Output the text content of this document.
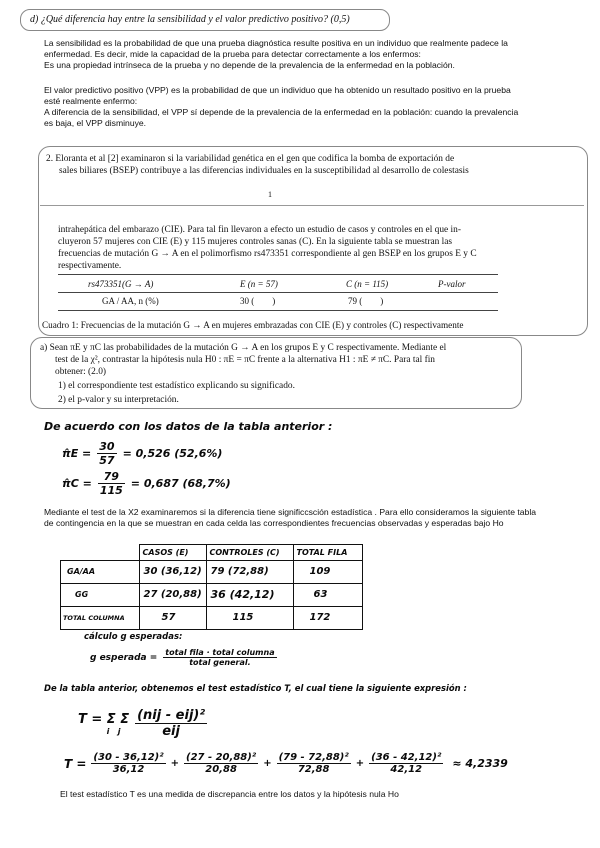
d) ¿Qué diferencia hay entre la sensibilidad y el valor predictivo positivo? (0,5)
La sensibilidad es la probabilidad de que una prueba diagnóstica resulte positiva en un individuo que realmente padece la
enfermedad. Es decir, mide la capacidad de la prueba para detectar correctamente a los enfermos:
Es una propiedad intrínseca de la prueba y no depende de la prevalencia de la enfermedad en la población.
El valor predictivo positivo (VPP) es la probabilidad de que un individuo que ha obtenido un resultado positivo en la prueba
esté realmente enfermo:
A diferencia de la sensibilidad, el VPP sí depende de la prevalencia de la enfermedad en la población: cuando la prevalencia
es baja, el VPP disminuye.
2. Eloranta et al [2] examinaron si la variabilidad genética en el gen que codifica la bomba de exportación de
sales biliares (BSEP) contribuye a las diferencias individuales en la susceptibilidad al desarrollo de colestasis
1
intrahepática del embarazo (CIE). Para tal fin llevaron a efecto un estudio de casos y controles en el que in-
cluyeron 57 mujeres con CIE (E) y 115 mujeres controles sanas (C). En la siguiente tabla se muestran las
frecuencias de mutación G → A en el polimorfismo rs473351 correspondiente al gen BSEP en los grupos E y C
respectivamente.
rs473351(G → A)	E (n = 57)	C (n = 115)	P-valor
GA / AA, n (%)	30 (        )	79 (        )
Cuadro 1: Frecuencias de la mutación G → A en mujeres embrazadas con CIE (E) y controles (C) respectivamente
a) Sean πE y πC las probabilidades de la mutación G → A en los grupos E y C respectivamente. Mediante el
test de la χ², contrastar la hipótesis nula H0 : πE = πC frente a la alternativa H1 : πE ≠ πC. Para tal fin
obtener: (2.0)
1) el correspondiente test estadístico explicando su significado.
2) el p-valor y su interpretación.
De acuerdo con los datos de la tabla anterior :
π̂E = $\frac{30}{57} = 0,526$ (52,6%)
π̂C = $\frac{79}{115} = 0,687$ (68,7%)
Mediante el test de la X2 examinaremos si la diferencia tiene significcsción estadística . Para ello consideramos la siguiente tabla
de contingencia en la que se muestran en cada celda las correspondientes frecuencias observadas y esperadas bajo Ho
	CASOS (E)	CONTROLES (C)	TOTAL FILA
GA/AA	30 (36,12)	79 (72,88)	109
GG	27 (20,88)	36 (42,12)	63
TOTAL COLUMNA	57	115	172
cálculo g esperadas:
g esperada = $\frac{\text{total fila · total columna}}{\text{total general.}}$
De la tabla anterior, obtenemos el test estadístico T, el cual tiene la siguiente expresión :
T = Σ Σ
i   j	$\frac{\text{(nij - eij)²}}{\text{eij}}$
$T = \frac{\text{(30 - 36,12)²}}{36,12} + \frac{\text{(27 - 20,88)²}}{20,88} + \frac{\text{(79 - 72,88)²}}{72,88} + \frac{\text{(36 - 42,12)²}}{42,12} \approx 4,2339$
El test estadístico T es una medida de discrepancia entre los datos y la hipótesis nula Ho
